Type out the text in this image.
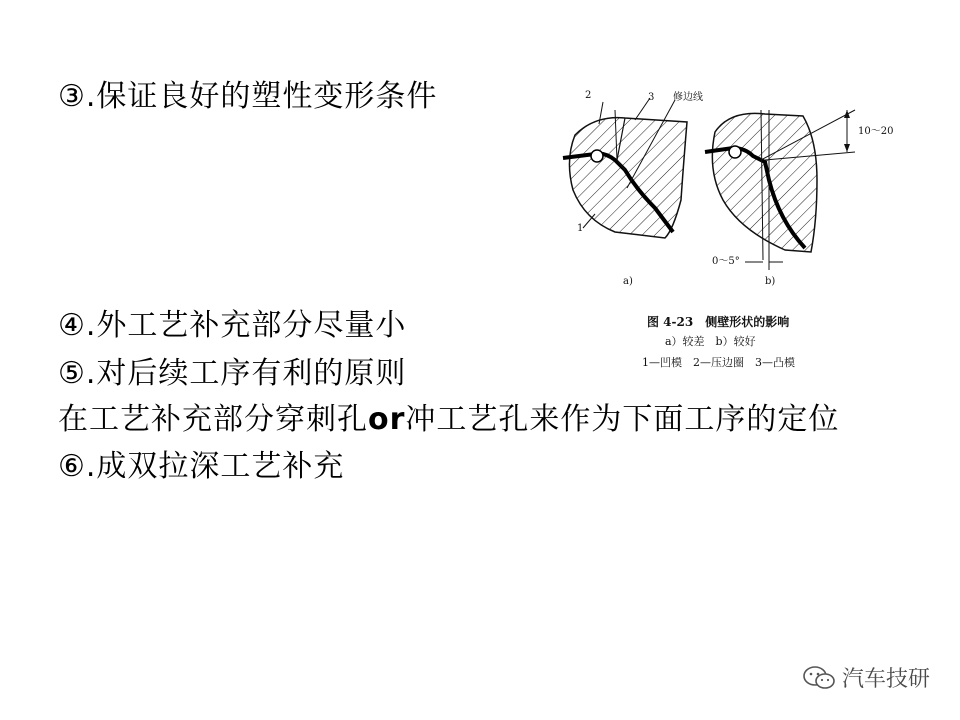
③.保证良好的塑性变形条件
④.外工艺补充部分尽量小
⑤.对后续工序有利的原则
在工艺补充部分穿刺孔or冲工艺孔来作为下面工序的定位
⑥.成双拉深工艺补充
2	3 修边线
1
10～20
0～5°
a)	b)
图 4-23　侧壁形状的影响
a）较差　b）较好
1—凹模　2—压边圈　3—凸模
汽车技研
